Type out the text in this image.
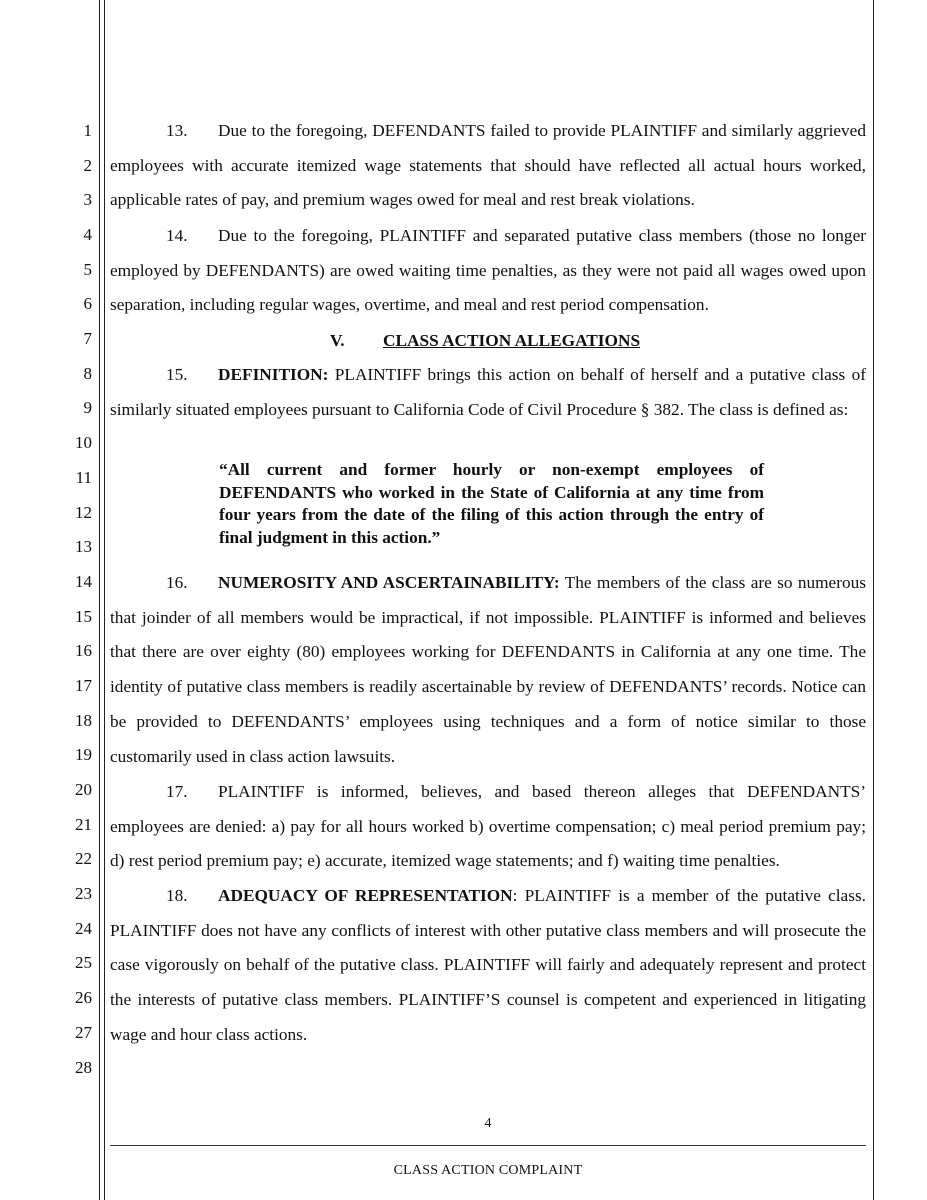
1
2
3
4
5
6
7
8
9
10
11
12
13
14
15
16
17
18
19
20
21
22
23
24
25
26
27
28
13. Due to the foregoing, DEFENDANTS failed to provide PLAINTIFF and similarly aggrieved employees with accurate itemized wage statements that should have reflected all actual hours worked, applicable rates of pay, and premium wages owed for meal and rest break violations.
14. Due to the foregoing, PLAINTIFF and separated putative class members (those no longer employed by DEFENDANTS) are owed waiting time penalties, as they were not paid all wages owed upon separation, including regular wages, overtime, and meal and rest period compensation.
V. CLASS ACTION ALLEGATIONS
15. DEFINITION: PLAINTIFF brings this action on behalf of herself and a putative class of similarly situated employees pursuant to California Code of Civil Procedure § 382. The class is defined as:
“All current and former hourly or non-exempt employees of DEFENDANTS who worked in the State of California at any time from four years from the date of the filing of this action through the entry of final judgment in this action.”
16. NUMEROSITY AND ASCERTAINABILITY: The members of the class are so numerous that joinder of all members would be impractical, if not impossible. PLAINTIFF is informed and believes that there are over eighty (80) employees working for DEFENDANTS in California at any one time. The identity of putative class members is readily ascertainable by review of DEFENDANTS’ records. Notice can be provided to DEFENDANTS’ employees using techniques and a form of notice similar to those customarily used in class action lawsuits.
17. PLAINTIFF is informed, believes, and based thereon alleges that DEFENDANTS’ employees are denied: a) pay for all hours worked b) overtime compensation; c) meal period premium pay; d) rest period premium pay; e) accurate, itemized wage statements; and f) waiting time penalties.
18. ADEQUACY OF REPRESENTATION: PLAINTIFF is a member of the putative class. PLAINTIFF does not have any conflicts of interest with other putative class members and will prosecute the case vigorously on behalf of the putative class. PLAINTIFF will fairly and adequately represent and protect the interests of putative class members. PLAINTIFF’S counsel is competent and experienced in litigating wage and hour class actions.
4
CLASS ACTION COMPLAINT
